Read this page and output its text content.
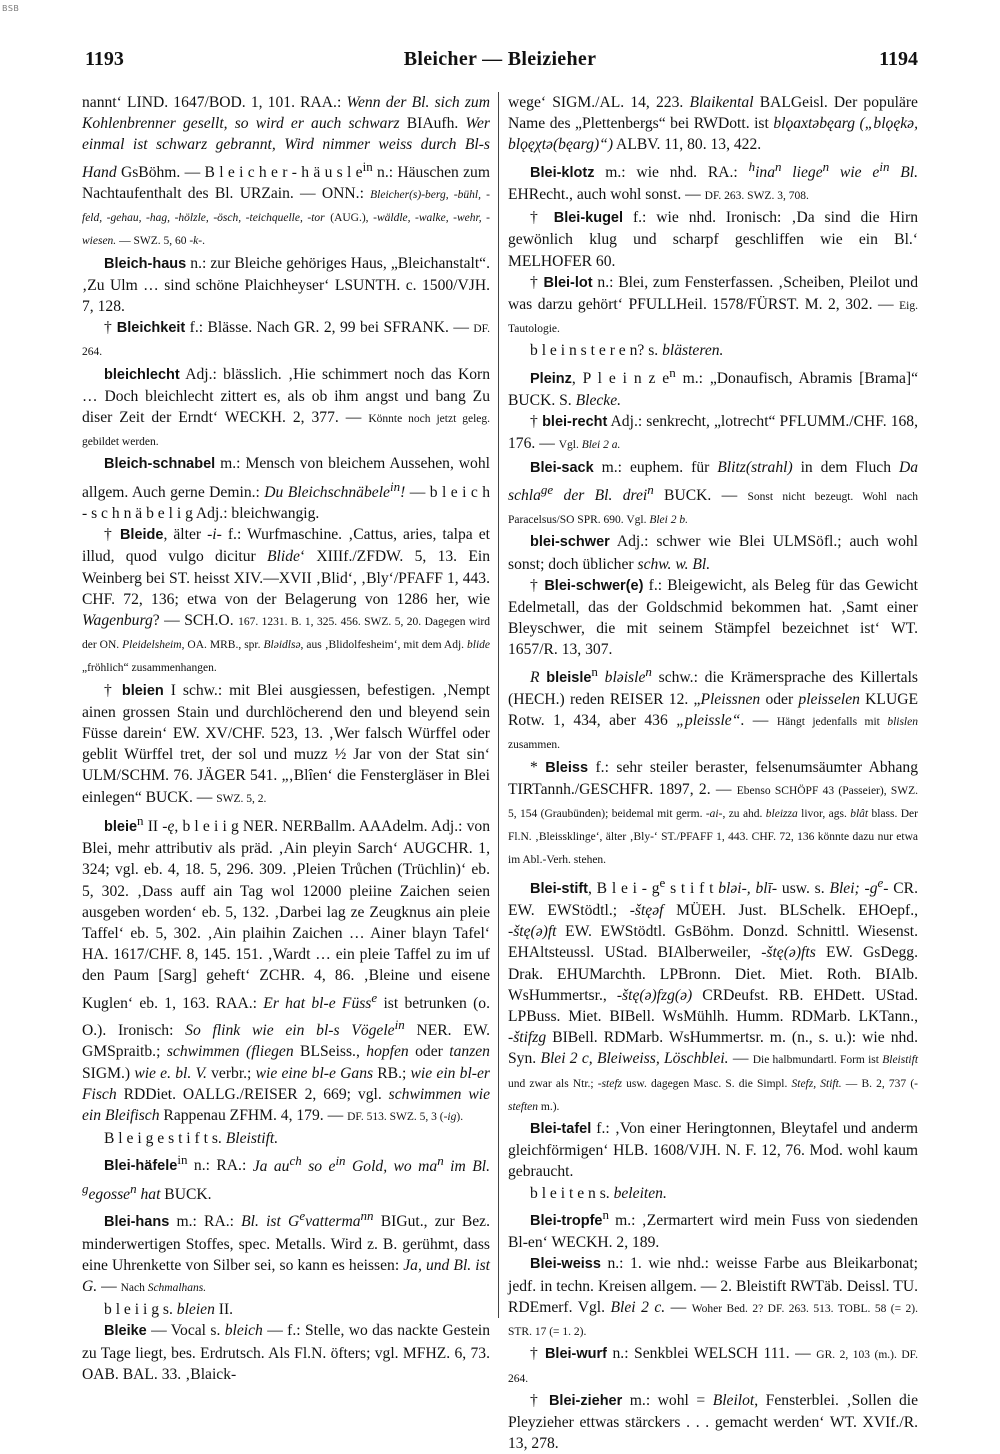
BSB
1193	Bleicher — Bleizieher	1194

nannt‘ LIND. 1647/BOD. 1, 101. RAA.: Wenn der Bl. sich zum Kohlenbrenner gesellt, so wird er auch schwarz BIAufh. Wer einmal ist schwarz gebrannt, Wird nimmer weiss durch Bl-s Hand GsBöhm. — B l e i c h e r - h ä u s l $e^{in}$ n.: Häuschen zum Nachtaufenthalt des Bl. URZain. — ONN.: Bleicher(s)-berg, -bühl, -feld, -gehau, -hag, -hölzle, -ösch, -teichquelle, -tor (AUG.), -wäldle, -walke, -wehr, -wiesen. — SWZ. 5, 60 -k-.

Bleich-haus n.: zur Bleiche gehöriges Haus, „Bleichanstalt“. ‚Zu Ulm … sind schöne Plaichheyser‘ LSUNTH. c. 1500/VJH. 7, 128.

† Bleichkeit f.: Blässe. Nach GR. 2, 99 bei SFRANK. — DF. 264.

bleichlecht Adj.: blässlich. ‚Hie schimmert noch das Korn … Doch bleichlecht zittert es, als ob ihm angst und bang Zu diser Zeit der Erndt‘ WECKH. 2, 377. — Könnte noch jetzt geleg. gebildet werden.

Bleich-schnabel m.: Mensch von bleichem Aussehen, wohl allgem. Auch gerne Demin.: Du Bleichschnäbele$^{in}$! — b l e i c h - s c h n ä b e l i g Adj.: bleichwangig.

† Bleide, älter -i- f.: Wurfmaschine. ‚Cattus, aries, talpa et illud, quod vulgo dicitur Blide‘ XIIIf./ZFDW. 5, 13. Ein Weinberg bei ST. heisst XIV.—XVII ‚Blid‘, ‚Bly‘/PFAFF 1, 443. CHF. 72, 136; etwa von der Belagerung von 1286 her, wie Wagenburg? — SCH.O. 167. 1231. B. 1, 325. 456. SWZ. 5, 20. Dagegen wird der ON. Pleidelsheim, OA. MRB., spr. Blǝidlsǝ, aus ‚Blidolfesheim‘, mit dem Adj. blide „fröhlich“ zusammenhangen.

† bleien I schw.: mit Blei ausgiessen, befestigen. ‚Nempt ainen grossen Stain und durchlöcherend den und bleyend sein Füsse darein‘ EW. XV/CHF. 523, 13. ‚Wer falsch Würffel oder geblit Würffel tret, der sol und muzz ½ Jar von der Stat sin‘ ULM/SCHM. 76. JÄGER 541. „‚Blîen‘ die Fenstergläser in Blei einlegen“ BUCK. — SWZ. 5, 2.

bleie$^n$ II -ę, b l e i i g NER. NERBallm. AAAdelm. Adj.: von Blei, mehr attributiv als präd. ‚Ain pleyin Sarch‘ AUGCHR. 1, 324; vgl. eb. 4, 18. 5, 296. 309. ‚Pleien Trůchen (Trüchlin)‘ eb. 5, 302. ‚Dass auff ain Tag wol 12000 pleiine Zaichen seien ausgeben worden‘ eb. 5, 132. ‚Darbei lag ze Zeugknus ain pleie Taffel‘ eb. 5, 302. ‚Ain plaihin Zaichen … Ainer blayn Tafel‘ HA. 1617/CHF. 8, 145. 151. ‚Wardt … ein pleie Taffel zu im uf den Paum [Sarg] geheft‘ ZCHR. 4, 86. ‚Bleine und eisene Kuglen‘ eb. 1, 163. RAA.: Er hat bl-e Füss$^e$ ist betrunken (o. O.). Ironisch: So flink wie ein bl-s Vögele$^{in}$ NER. EW. GMSpraitb.; schwimmen (fliegen BLSeiss., hopfen oder tanzen SIGM.) wie e. bl. V. verbr.; wie eine bl-e Gans RB.; wie ein bl-er Fisch RDDiet. OALLG./REISER 2, 669; vgl. schwimmen wie ein Bleifisch Rappenau ZFHM. 4, 179. — DF. 513. SWZ. 5, 3 (-ig).

B l e i g e s t i f t s. Bleistift.

Blei-häfele$^{in}$ n.: RA.: Ja $au^{ch}$ so $e^{in}$ Gold, wo $ma^n$ im Bl. $^g$egosse$^n$ hat BUCK.

Blei-hans m.: RA.: Bl. ist $G^evatterma^{nn}$ BIGut., zur Bez. minderwertigen Stoffes, spec. Metalls. Wird z. B. gerühmt, dass eine Uhrenkette von Silber sei, so kann es heissen: Ja, und Bl. ist G. — Nach Schmalhans.

b l e i i g s. bleien II.

Bleike — Vocal s. bleich — f.: Stelle, wo das nackte Gestein zu Tage liegt, bes. Erdrutsch. Als Fl.N. öfters; vgl. MFHZ. 6, 73. OAB. BAL. 33. ‚Blaick-

wege‘ SIGM./AL. 14, 223. Blaikental BALGeisl. Der populäre Name des „Plettenbergs“ bei RWDott. ist blǫaxtǝbęarg („blǫękǝ, blǫęχtǝ(bęarg)“) ALBV. 11, 80. 13, 422.

Blei-klotz m.: wie nhd. RA.: $^h$ina$^n$ liege$^n$ wie $e^{in}$ Bl. EHRecht., auch wohl sonst. — DF. 263. SWZ. 3, 708.

† Blei-kugel f.: wie nhd. Ironisch: ‚Da sind die Hirn gewönlich klug und scharpf geschliffen wie ein Bl.‘ MELHOFER 60.

† Blei-lot n.: Blei, zum Fensterfassen. ‚Scheiben, Pleilot und was darzu gehört‘ PFULLHeil. 1578/FÜRST. M. 2, 302. — Eig. Tautologie.

b l e i n s t e r e n? s. blästeren.

Pleinz, P l e i n z $e^n$ m.: „Donaufisch, Abramis [Brama]“ BUCK. S. Blecke.

† blei-recht Adj.: senkrecht, „lotrecht“ PFLUMM./CHF. 168, 176. — Vgl. Blei 2 a.

Blei-sack m.: euphem. für Blitz(strahl) in dem Fluch Da schla$^{ge}$ der Bl. drei$^n$ BUCK. — Sonst nicht bezeugt. Wohl nach Paracelsus/SO SPR. 690. Vgl. Blei 2 b.

blei-schwer Adj.: schwer wie Blei ULMSöfl.; auch wohl sonst; doch üblicher schw. w. Bl.

† Blei-schwer(e) f.: Bleigewicht, als Beleg für das Gewicht Edelmetall, das der Goldschmid bekommen hat. ‚Samt einer Bleyschwer, die mit seinem Stämpfel bezeichnet ist‘ WT. 1657/R. 13, 307.

R bleisle$^n$ blǝisle$^n$ schw.: die Krämersprache des Killertals (HECH.) reden REISER 12. „Pleissnen oder pleisselen KLUGE Rotw. 1, 434, aber 436 „pleissle“. — Hängt jedenfalls mit blislen zusammen.

* Bleiss f.: sehr steiler beraster, felsenumsäumter Abhang TIRTannh./GESCHFR. 1897, 2. — Ebenso SCHÖPF 43 (Passeier), SWZ. 5, 154 (Graubünden); beidemal mit germ. -ai-, zu ahd. bleizza livor, ags. blât blass. Der Fl.N. ‚Bleissklinge‘, älter ‚Bly-‘ ST./PFAFF 1, 443. CHF. 72, 136 könnte dazu nur etwa im Abl.-Verh. stehen.

Blei-stift, B l e i - $g^e$ s t i f t blǝi-, blī- usw. s. Blei; $-g^e-$ CR. EW. EWStödtl.; -štęəf MÜEH. Just. BLSchelk. EHOepf., -štę(ǝ)ft EW. EWStödtl. GsBöhm. Donzd. Schnittl. Wiesenst. EHAltsteussl. UStad. BIAlberweiler, -štę(ǝ)fts EW. GsDegg. Drak. EHUMarchth. LPBronn. Diet. Miet. Roth. BIAlb. WsHummertsr., -štę(ǝ)fzg(ǝ) CRDeufst. RB. EHDett. UStad. LPBuss. Miet. BIBell. WsMühlh. Humm. RDMarb. LKTann., -štifzg BIBell. RDMarb. WsHummertsr. m. (n., s. u.): wie nhd. Syn. Blei 2 c, Bleiweiss, Löschblei. — Die halbmundartl. Form ist Bleistift und zwar als Ntr.; -stefz usw. dagegen Masc. S. die Simpl. Stefz, Stift. — B. 2, 737 (-steften m.).

Blei-tafel f.: ‚Von einer Heringtonnen, Bleytafel und anderm gleichförmigen‘ HLB. 1608/VJH. N. F. 12, 76. Mod. wohl kaum gebraucht.

b l e i t e n s. beleiten.

Blei-tropfe$^n$ m.: ‚Zermartert wird mein Fuss von siedenden Bl-en‘ WECKH. 2, 189.

Blei-weiss n.: 1. wie nhd.: weisse Farbe aus Bleikarbonat; jedf. in techn. Kreisen allgem. — 2. Bleistift RWTäb. Deissl. TU. RDEmerf. Vgl. Blei 2 c. — Woher Bed. 2? DF. 263. 513. TOBL. 58 (= 2). STR. 17 (= 1. 2).

† Blei-wurf n.: Senkblei WELSCH 111. — GR. 2, 103 (m.). DF. 264.

† Blei-zieher m.: wohl = Bleilot, Fensterblei. ‚Sollen die Pleyzieher ettwas stärckers . . . gemacht werden‘ WT. XVIf./R. 13, 278.
